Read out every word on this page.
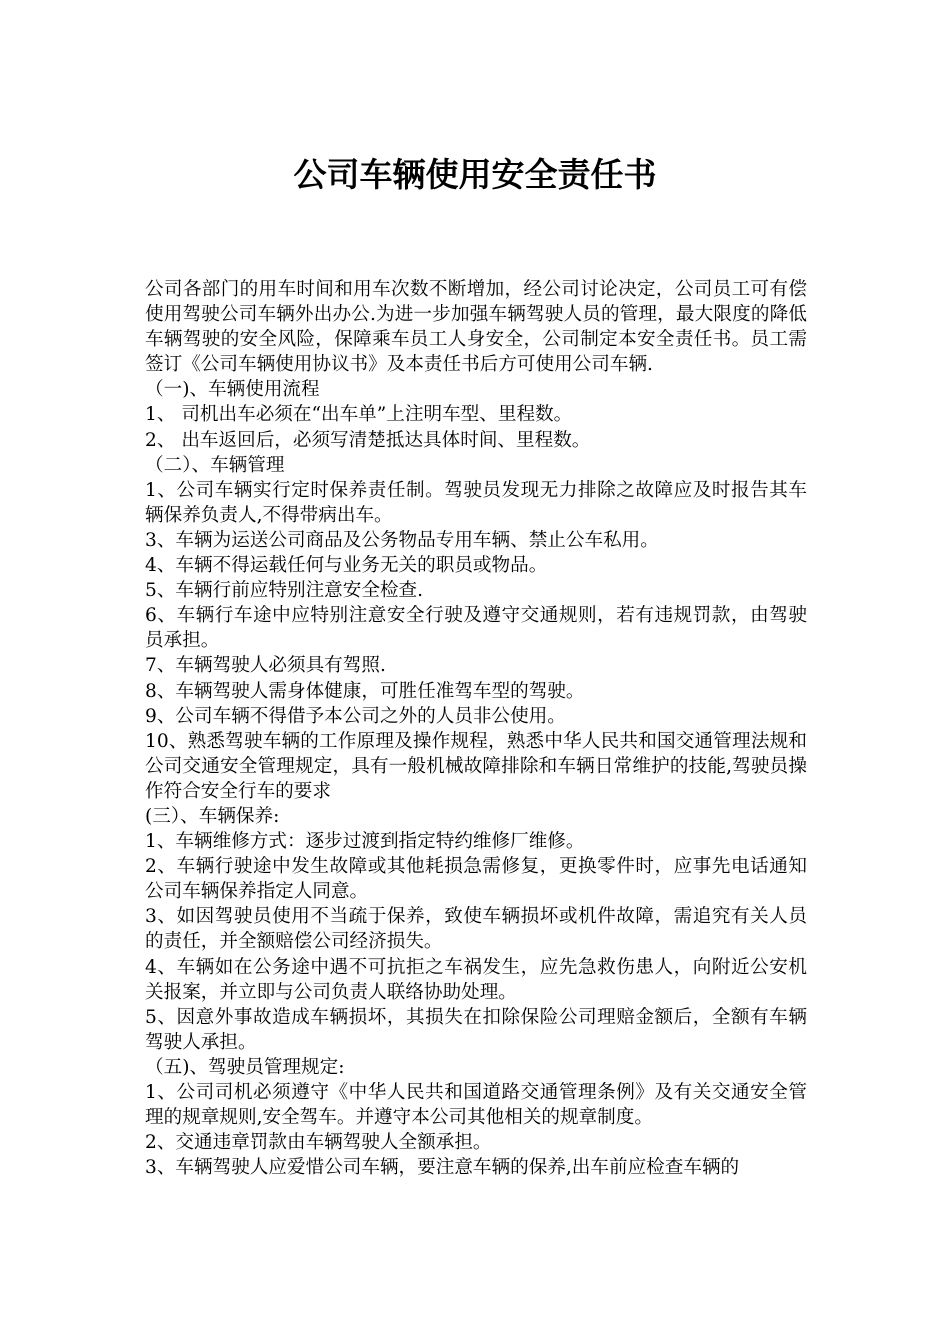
公司车辆使用安全责任书

公司各部门的用车时间和用车次数不断增加，经公司讨论决定，公司员工可有偿使用驾驶公司车辆外出办公.为进一步加强车辆驾驶人员的管理，最大限度的降低车辆驾驶的安全风险，保障乘车员工人身安全，公司制定本安全责任书。员工需签订《公司车辆使用协议书》及本责任书后方可使用公司车辆.

（一)、车辆使用流程

1、 司机出车必须在“出车单”上注明车型、里程数。

2、 出车返回后，必须写清楚抵达具体时间、里程数。

（二）、车辆管理

1、公司车辆实行定时保养责任制。驾驶员发现无力排除之故障应及时报告其车辆保养负责人,不得带病出车。

3、车辆为运送公司商品及公务物品专用车辆、禁止公车私用。

4、车辆不得运载任何与业务无关的职员或物品。

5、车辆行前应特别注意安全检查.

6、车辆行车途中应特别注意安全行驶及遵守交通规则，若有违规罚款，由驾驶员承担。

7、车辆驾驶人必须具有驾照.

8、车辆驾驶人需身体健康，可胜任准驾车型的驾驶。

9、公司车辆不得借予本公司之外的人员非公使用。

10、熟悉驾驶车辆的工作原理及操作规程，熟悉中华人民共和国交通管理法规和公司交通安全管理规定，具有一般机械故障排除和车辆日常维护的技能,驾驶员操作符合安全行车的要求

(三）、车辆保养:

1、车辆维修方式：逐步过渡到指定特约维修厂维修。

2、车辆行驶途中发生故障或其他耗损急需修复，更换零件时，应事先电话通知公司车辆保养指定人同意。

3、如因驾驶员使用不当疏于保养，致使车辆损坏或机件故障，需追究有关人员的责任，并全额赔偿公司经济损失。

4、车辆如在公务途中遇不可抗拒之车祸发生，应先急救伤患人，向附近公安机关报案，并立即与公司负责人联络协助处理。

5、因意外事故造成车辆损坏，其损失在扣除保险公司理赔金额后，全额有车辆驾驶人承担。

（五)、驾驶员管理规定:

1、公司司机必须遵守《中华人民共和国道路交通管理条例》及有关交通安全管理的规章规则,安全驾车。并遵守本公司其他相关的规章制度。

2、交通违章罚款由车辆驾驶人全额承担。

3、车辆驾驶人应爱惜公司车辆，要注意车辆的保养,出车前应检查车辆的
